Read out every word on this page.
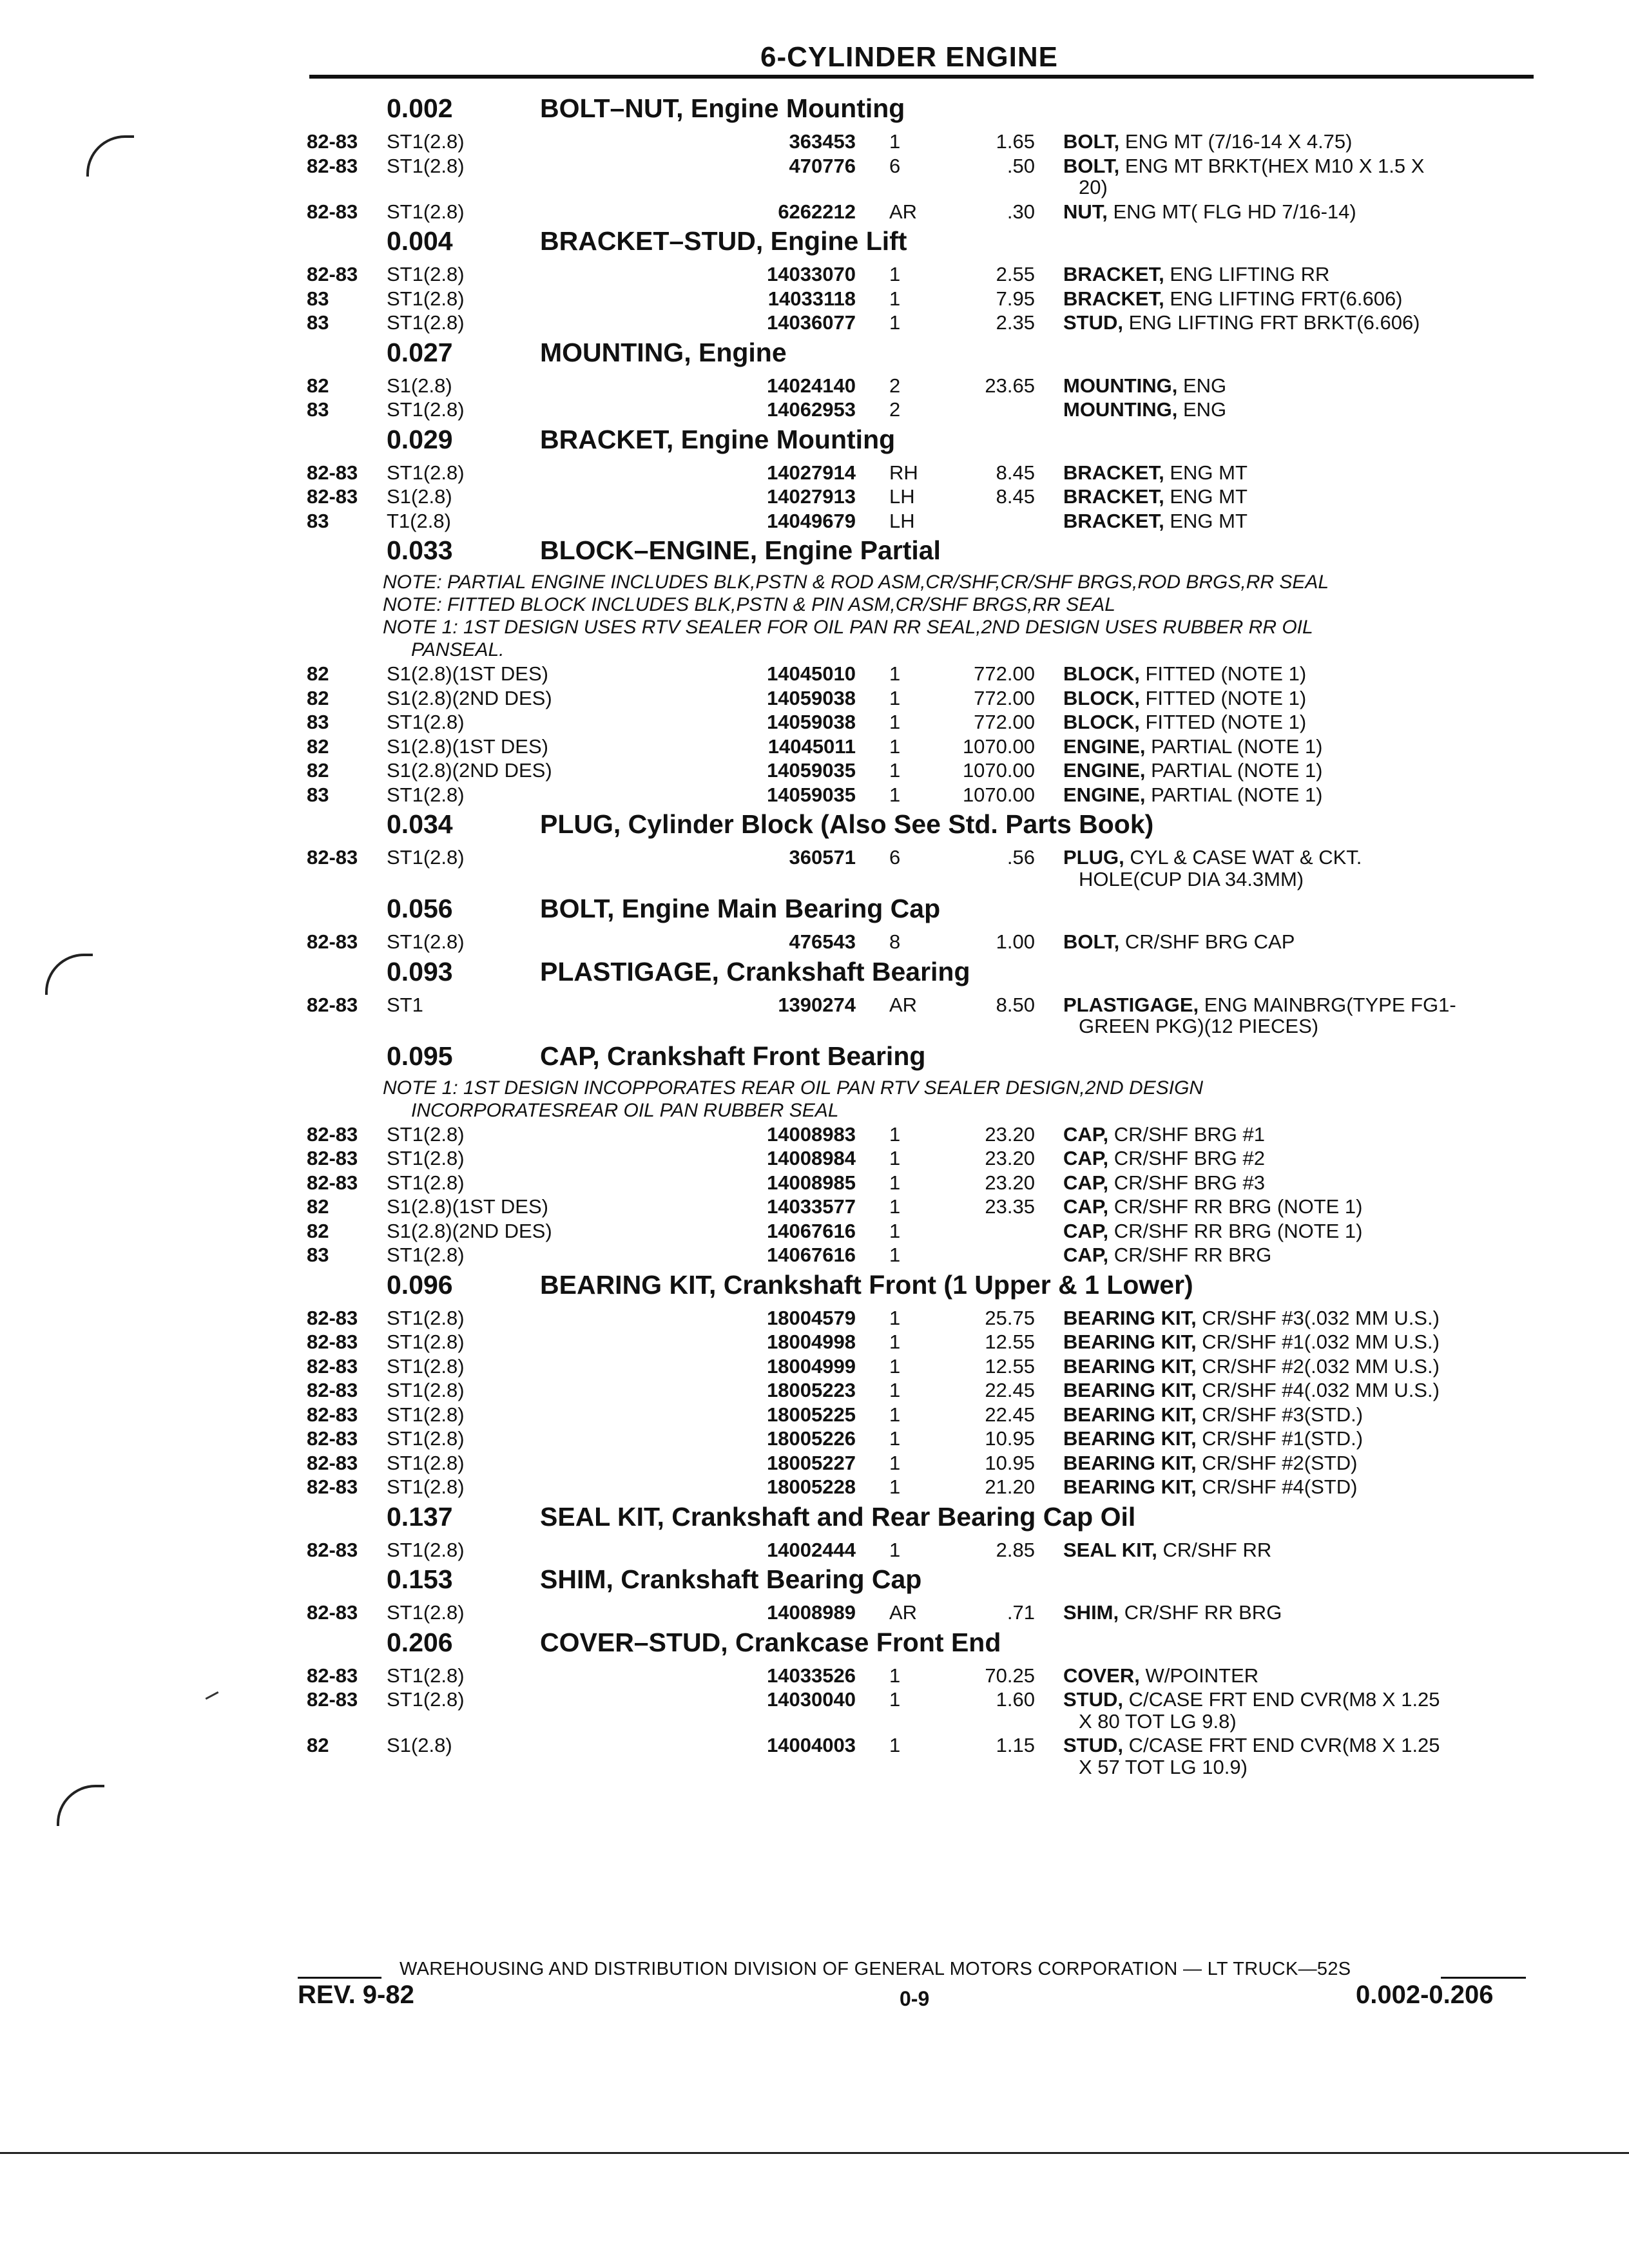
6-CYLINDER ENGINE
0.002	BOLT–NUT, Engine Mounting
82-83 ST1(2.8)	363453 1	1.65 BOLT, ENG MT (7/16-14 X 4.75)
82-83 ST1(2.8)	470776 6	.50 BOLT, ENG MT BRKT(HEX M10 X 1.5 X
20)
82-83 ST1(2.8)	6262212 AR	.30 NUT, ENG MT( FLG HD 7/16-14)
0.004	BRACKET–STUD, Engine Lift
82-83 ST1(2.8)	14033070 1	2.55 BRACKET, ENG LIFTING RR
83	ST1(2.8)	14033118 1	7.95 BRACKET, ENG LIFTING FRT(6.606)
83	ST1(2.8)	14036077 1	2.35 STUD, ENG LIFTING FRT BRKT(6.606)
0.027	MOUNTING, Engine
82	S1(2.8)	14024140 2	23.65 MOUNTING, ENG
83	ST1(2.8)	14062953 2	MOUNTING, ENG
0.029	BRACKET, Engine Mounting
82-83 ST1(2.8)	14027914 RH	8.45 BRACKET, ENG MT
82-83 S1(2.8)	14027913 LH	8.45 BRACKET, ENG MT
83	T1(2.8)	14049679 LH	BRACKET, ENG MT
0.033	BLOCK–ENGINE, Engine Partial
NOTE: PARTIAL ENGINE INCLUDES BLK,PSTN & ROD ASM,CR/SHF,CR/SHF BRGS,ROD BRGS,RR SEAL
NOTE: FITTED BLOCK INCLUDES BLK,PSTN & PIN ASM,CR/SHF BRGS,RR SEAL
NOTE 1: 1ST DESIGN USES RTV SEALER FOR OIL PAN RR SEAL,2ND DESIGN USES RUBBER RR OIL
PANSEAL.
82	S1(2.8)(1ST DES)	14045010 1	772.00 BLOCK, FITTED (NOTE 1)
82	S1(2.8)(2ND DES)	14059038 1	772.00 BLOCK, FITTED (NOTE 1)
83	ST1(2.8)	14059038 1	772.00 BLOCK, FITTED (NOTE 1)
82	S1(2.8)(1ST DES)	14045011 1	1070.00 ENGINE, PARTIAL (NOTE 1)
82	S1(2.8)(2ND DES)	14059035 1	1070.00 ENGINE, PARTIAL (NOTE 1)
83	ST1(2.8)	14059035 1	1070.00 ENGINE, PARTIAL (NOTE 1)
0.034	PLUG, Cylinder Block (Also See Std. Parts Book)
82-83 ST1(2.8)	360571 6	.56 PLUG, CYL & CASE WAT & CKT.
HOLE(CUP DIA 34.3MM)
0.056	BOLT, Engine Main Bearing Cap
82-83 ST1(2.8)	476543 8	1.00 BOLT, CR/SHF BRG CAP
0.093	PLASTIGAGE, Crankshaft Bearing
82-83 ST1	1390274 AR	8.50 PLASTIGAGE, ENG MAINBRG(TYPE FG1-
GREEN PKG)(12 PIECES)
0.095	CAP, Crankshaft Front Bearing
NOTE 1: 1ST DESIGN INCOPPORATES REAR OIL PAN RTV SEALER DESIGN,2ND DESIGN
INCORPORATESREAR OIL PAN RUBBER SEAL
82-83 ST1(2.8)	14008983 1	23.20 CAP, CR/SHF BRG #1
82-83 ST1(2.8)	14008984 1	23.20 CAP, CR/SHF BRG #2
82-83 ST1(2.8)	14008985 1	23.20 CAP, CR/SHF BRG #3
82	S1(2.8)(1ST DES)	14033577 1	23.35 CAP, CR/SHF RR BRG (NOTE 1)
82	S1(2.8)(2ND DES)	14067616 1	CAP, CR/SHF RR BRG (NOTE 1)
83	ST1(2.8)	14067616 1	CAP, CR/SHF RR BRG
0.096	BEARING KIT, Crankshaft Front (1 Upper & 1 Lower)
82-83 ST1(2.8)	18004579 1	25.75 BEARING KIT, CR/SHF #3(.032 MM U.S.)
82-83 ST1(2.8)	18004998 1	12.55 BEARING KIT, CR/SHF #1(.032 MM U.S.)
82-83 ST1(2.8)	18004999 1	12.55 BEARING KIT, CR/SHF #2(.032 MM U.S.)
82-83 ST1(2.8)	18005223 1	22.45 BEARING KIT, CR/SHF #4(.032 MM U.S.)
82-83 ST1(2.8)	18005225 1	22.45 BEARING KIT, CR/SHF #3(STD.)
82-83 ST1(2.8)	18005226 1	10.95 BEARING KIT, CR/SHF #1(STD.)
82-83 ST1(2.8)	18005227 1	10.95 BEARING KIT, CR/SHF #2(STD)
82-83 ST1(2.8)	18005228 1	21.20 BEARING KIT, CR/SHF #4(STD)
0.137	SEAL KIT, Crankshaft and Rear Bearing Cap Oil
82-83 ST1(2.8)	14002444 1	2.85 SEAL KIT, CR/SHF RR
0.153	SHIM, Crankshaft Bearing Cap
82-83 ST1(2.8)	14008989 AR	.71 SHIM, CR/SHF RR BRG
0.206	COVER–STUD, Crankcase Front End
82-83 ST1(2.8)	14033526 1	70.25 COVER, W/POINTER
82-83 ST1(2.8)	14030040 1	1.60 STUD, C/CASE FRT END CVR(M8 X 1.25
X 80 TOT LG 9.8)
82	S1(2.8)	14004003 1	1.15 STUD, C/CASE FRT END CVR(M8 X 1.25
X 57 TOT LG 10.9)
WAREHOUSING AND DISTRIBUTION DIVISION OF GENERAL MOTORS CORPORATION — LT TRUCK—52S
REV. 9-82	0-9	0.002-0.206
